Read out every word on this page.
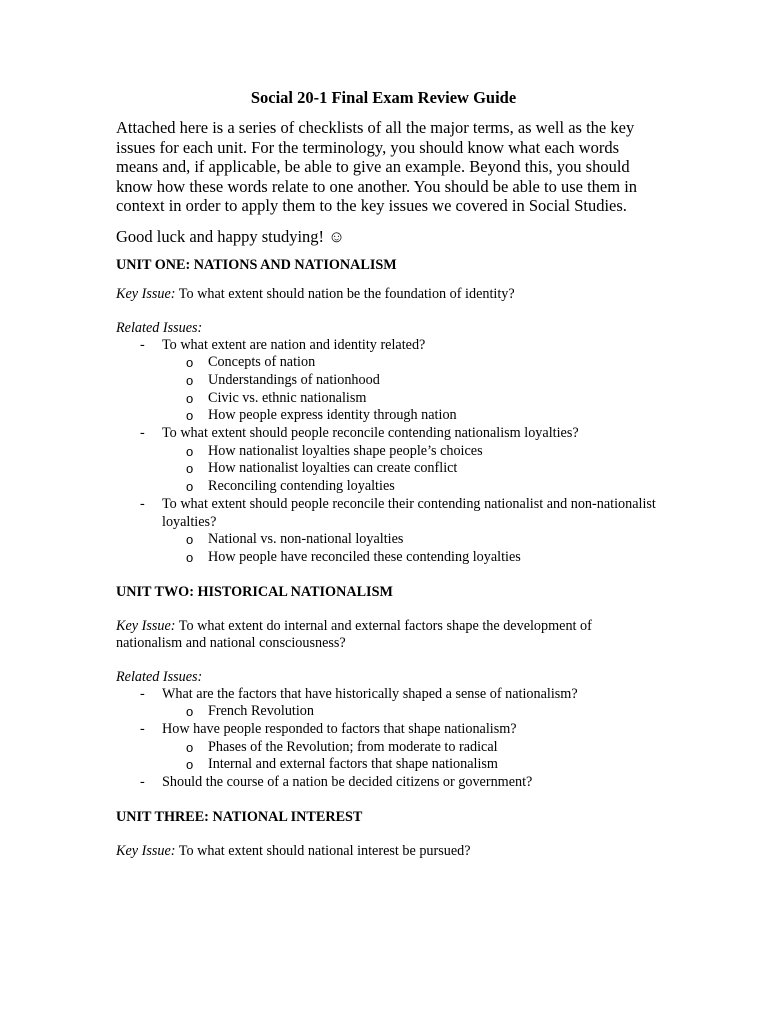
Social 20-1 Final Exam Review Guide

Attached here is a series of checklists of all the major terms, as well as the key issues for each unit. For the terminology, you should know what each words means and, if applicable, be able to give an example. Beyond this, you should know how these words relate to one another. You should be able to use them in context in order to apply them to the key issues we covered in Social Studies.

Good luck and happy studying! ☺

UNIT ONE: NATIONS AND NATIONALISM

Key Issue: To what extent should nation be the foundation of identity?

Related Issues:

- To what extent are nation and identity related?
o Concepts of nation
o Understandings of nationhood
o Civic vs. ethnic nationalism
o How people express identity through nation
- To what extent should people reconcile contending nationalism loyalties?
o How nationalist loyalties shape people’s choices
o How nationalist loyalties can create conflict
o Reconciling contending loyalties
- To what extent should people reconcile their contending nationalist and non-nationalist loyalties?
o National vs. non-national loyalties
o How people have reconciled these contending loyalties

UNIT TWO: HISTORICAL NATIONALISM

Key Issue: To what extent do internal and external factors shape the development of nationalism and national consciousness?

Related Issues:

- What are the factors that have historically shaped a sense of nationalism?
o French Revolution
- How have people responded to factors that shape nationalism?
o Phases of the Revolution; from moderate to radical
o Internal and external factors that shape nationalism
- Should the course of a nation be decided citizens or government?

UNIT THREE: NATIONAL INTEREST

Key Issue: To what extent should national interest be pursued?
